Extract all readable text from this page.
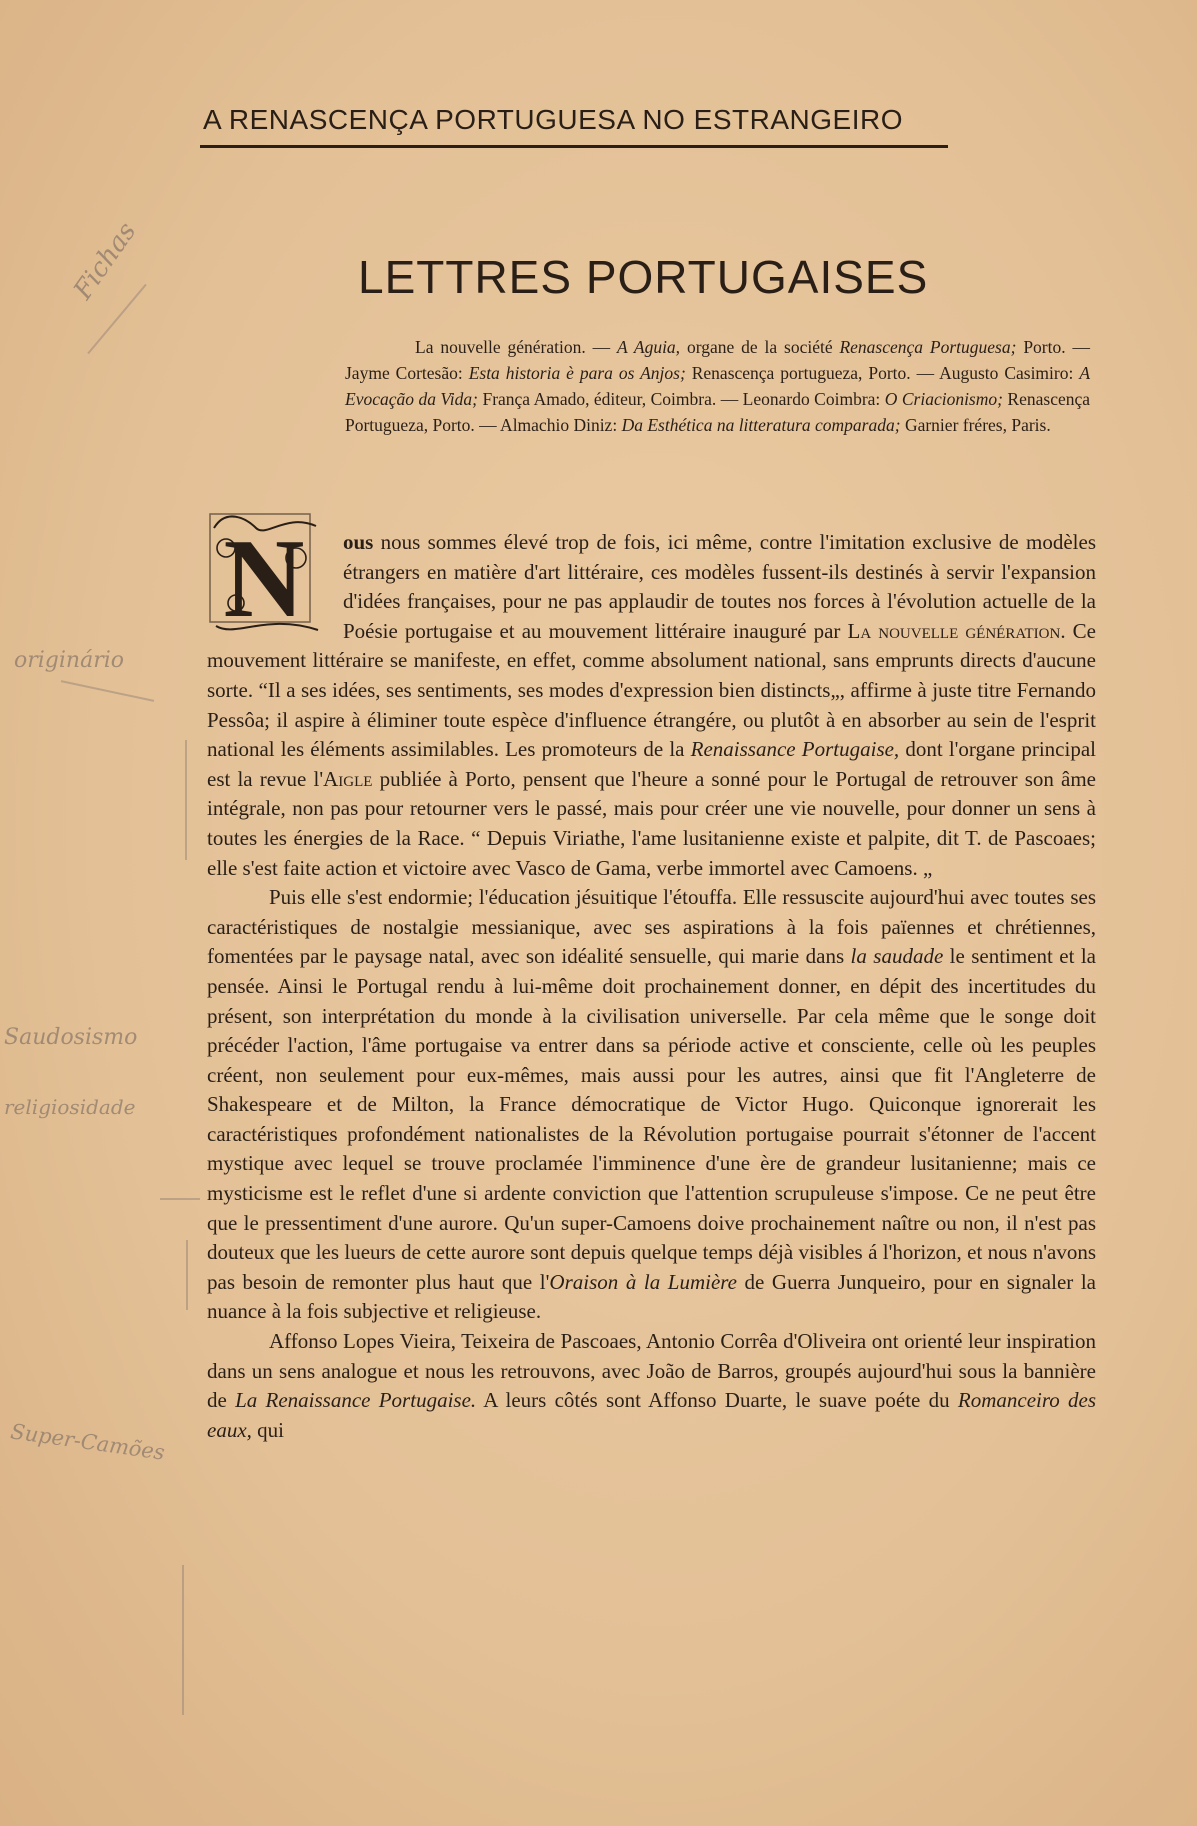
A RENASCENÇA PORTUGUESA NO ESTRANGEIRO
LETTRES PORTUGAISES

La nouvelle génération. — A Aguia, organe de la société Renascença Portuguesa; Porto. — Jayme Cortesão: Esta historia è para os Anjos; Renascença portugueza, Porto. — Augusto Casimiro: A Evocação da Vida; França Amado, éditeur, Coimbra. — Leonardo Coimbra: O Criacionismo; Renascença Portugueza, Porto. — Almachio Diniz: Da Esthética na litteratura comparada; Garnier fréres, Paris.

ous nous sommes élevé trop de fois, ici même, contre l'imitation exclusive de modèles étrangers en matière d'art littéraire, ces modèles fussent-ils destinés à servir l'expansion d'idées françaises, pour ne pas applaudir de toutes nos forces à l'évolution actuelle de la Poésie portugaise et au mouvement littéraire inauguré par La nouvelle génération. Ce mouvement littéraire se manifeste, en effet, comme absolument national, sans emprunts directs d'aucune sorte. “Il a ses idées, ses sentiments, ses modes d'expression bien distincts„, affirme à juste titre Fernando Pessôa; il aspire à éliminer toute espèce d'influence étrangére, ou plutôt à en absorber au sein de l'esprit national les éléments assimilables. Les promoteurs de la Renaissance Portugaise, dont l'organe principal est la revue l'Aigle publiée à Porto, pensent que l'heure a sonné pour le Portugal de retrouver son âme intégrale, non pas pour retourner vers le passé, mais pour créer une vie nouvelle, pour donner un sens à toutes les énergies de la Race. “ Depuis Viriathe, l'ame lusitanienne existe et palpite, dit T. de Pascoaes; elle s'est faite action et victoire avec Vasco de Gama, verbe immortel avec Camoens. „

Puis elle s'est endormie; l'éducation jésuitique l'étouffa. Elle ressuscite aujourd'hui avec toutes ses caractéristiques de nostalgie messianique, avec ses aspirations à la fois païennes et chrétiennes, fomentées par le paysage natal, avec son idéalité sensuelle, qui marie dans la saudade le sentiment et la pensée. Ainsi le Portugal rendu à lui-même doit prochainement donner, en dépit des incertitudes du présent, son interprétation du monde à la civilisation universelle. Par cela même que le songe doit précéder l'action, l'âme portugaise va entrer dans sa période active et consciente, celle où les peuples créent, non seulement pour eux-mêmes, mais aussi pour les autres, ainsi que fit l'Angleterre de Shakespeare et de Milton, la France démocratique de Victor Hugo. Quiconque ignorerait les caractéristiques profondément nationalistes de la Révolution portugaise pourrait s'étonner de l'accent mystique avec lequel se trouve proclamée l'imminence d'une ère de grandeur lusitanienne; mais ce mysticisme est le reflet d'une si ardente conviction que l'attention scrupuleuse s'impose. Ce ne peut être que le pressentiment d'une aurore. Qu'un super-Camoens doive prochainement naître ou non, il n'est pas douteux que les lueurs de cette aurore sont depuis quelque temps déjà visibles á l'horizon, et nous n'avons pas besoin de remonter plus haut que l'Oraison à la Lumière de Guerra Junqueiro, pour en signaler la nuance à la fois subjective et religieuse.

Affonso Lopes Vieira, Teixeira de Pascoaes, Antonio Corrêa d'Oliveira ont orienté leur inspiration dans un sens analogue et nous les retrouvons, avec João de Barros, groupés aujourd'hui sous la bannière de La Renaissance Portugaise. A leurs côtés sont Affonso Duarte, le suave poéte du Romanceiro des eaux, qui

N
Fichas
originário
Saudosismo
religiosidade
Super-Camões
